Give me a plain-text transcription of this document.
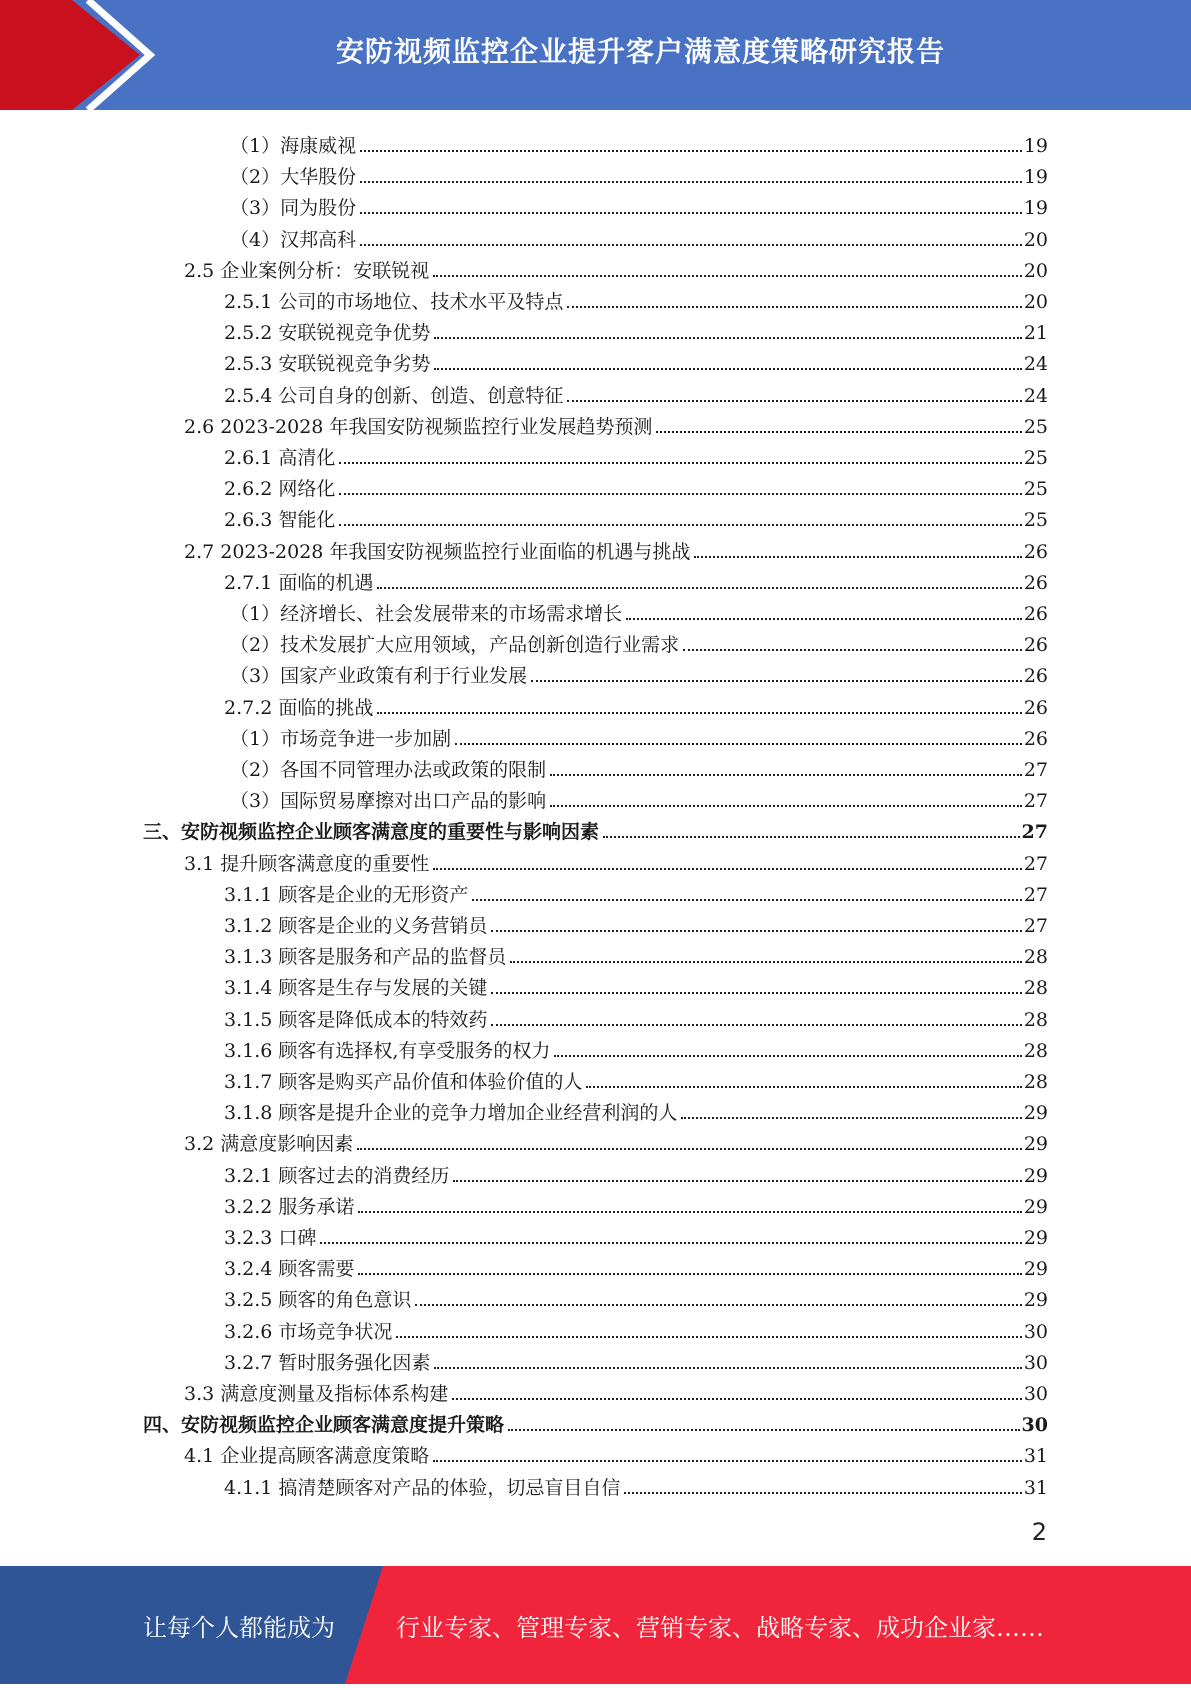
安防视频监控企业提升客户满意度策略研究报告
（1）海康威视	19
（2）大华股份	19
（3）同为股份	19
（4）汉邦高科	20
2.5 企业案例分析：安联锐视	20
2.5.1 公司的市场地位、技术水平及特点	20
2.5.2 安联锐视竞争优势	21
2.5.3 安联锐视竞争劣势	24
2.5.4 公司自身的创新、创造、创意特征	24
2.6 2023-2028 年我国安防视频监控行业发展趋势预测	25
2.6.1 高清化	25
2.6.2 网络化	25
2.6.3 智能化	25
2.7 2023-2028 年我国安防视频监控行业面临的机遇与挑战	26
2.7.1 面临的机遇	26
（1）经济增长、社会发展带来的市场需求增长	26
（2）技术发展扩大应用领域，产品创新创造行业需求	26
（3）国家产业政策有利于行业发展	26
2.7.2 面临的挑战	26
（1）市场竞争进一步加剧	26
（2）各国不同管理办法或政策的限制	27
（3）国际贸易摩擦对出口产品的影响	27
三、安防视频监控企业顾客满意度的重要性与影响因素	27
3.1 提升顾客满意度的重要性	27
3.1.1 顾客是企业的无形资产	27
3.1.2 顾客是企业的义务营销员	27
3.1.3 顾客是服务和产品的监督员	28
3.1.4 顾客是生存与发展的关键	28
3.1.5 顾客是降低成本的特效药	28
3.1.6 顾客有选择权,有享受服务的权力	28
3.1.7 顾客是购买产品价值和体验价值的人	28
3.1.8 顾客是提升企业的竞争力增加企业经营利润的人	29
3.2 满意度影响因素	29
3.2.1 顾客过去的消费经历	29
3.2.2 服务承诺	29
3.2.3 口碑	29
3.2.4 顾客需要	29
3.2.5 顾客的角色意识	29
3.2.6 市场竞争状况	30
3.2.7 暂时服务强化因素	30
3.3 满意度测量及指标体系构建	30
四、安防视频监控企业顾客满意度提升策略	30
4.1 企业提高顾客满意度策略	31
4.1.1 搞清楚顾客对产品的体验，切忌盲目自信	31
2
让每个人都能成为	行业专家、管理专家、营销专家、战略专家、成功企业家……
